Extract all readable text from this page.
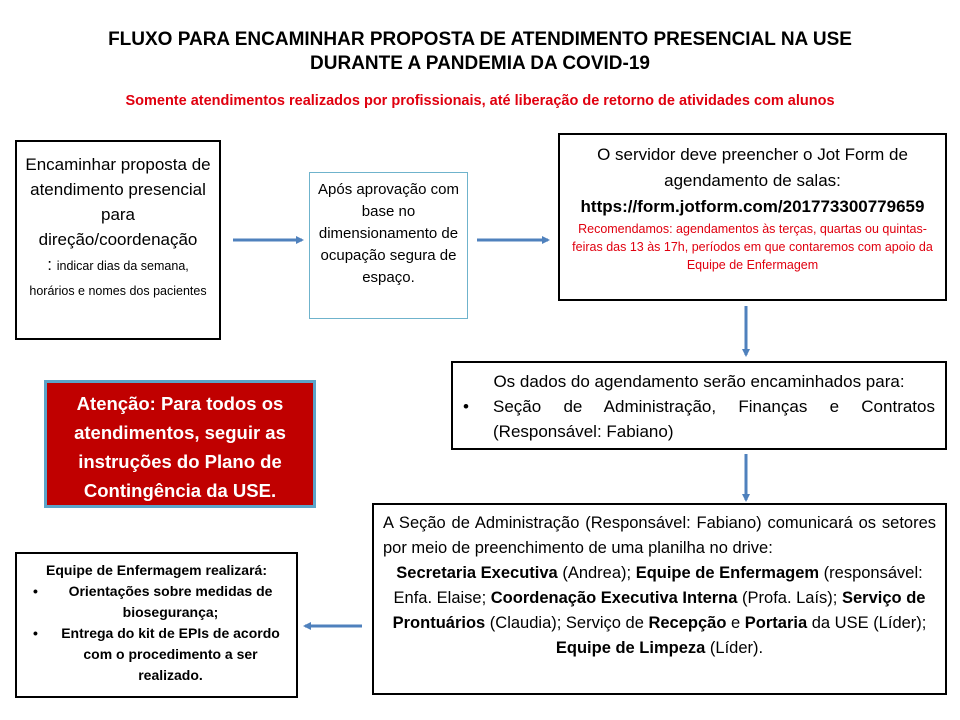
FLUXO PARA ENCAMINHAR PROPOSTA DE ATENDIMENTO PRESENCIAL NA USE
DURANTE A PANDEMIA DA COVID-19
Somente atendimentos realizados por profissionais, até liberação de retorno de atividades com alunos
Encaminhar proposta de atendimento presencial para direção/coordenação
: indicar dias da semana, horários e nomes dos pacientes
Após aprovação com base no dimensionamento de ocupação segura de espaço.
O servidor deve preencher o Jot Form de agendamento de salas:
https://form.jotform.com/201773300779659
Recomendamos: agendamentos às terças, quartas ou quintas-feiras das 13 às 17h, períodos em que contaremos com apoio da Equipe de Enfermagem
Os dados do agendamento serão encaminhados para:
•	Seção de Administração, Finanças e Contratos
(Responsável: Fabiano)
Atenção: Para todos os atendimentos, seguir as instruções do Plano de Contingência da USE.
A Seção de Administração (Responsável: Fabiano) comunicará os setores por meio de preenchimento de uma planilha no drive:
Secretaria Executiva (Andrea); Equipe de Enfermagem (responsável: Enfa. Elaise; Coordenação Executiva Interna (Profa. Laís); Serviço de Prontuários (Claudia); Serviço de Recepção e Portaria da USE (Líder); Equipe de Limpeza (Líder).
Equipe de Enfermagem realizará:
• Orientações sobre medidas de biosegurança;
• Entrega do kit de EPIs de acordo com o procedimento a ser realizado.
